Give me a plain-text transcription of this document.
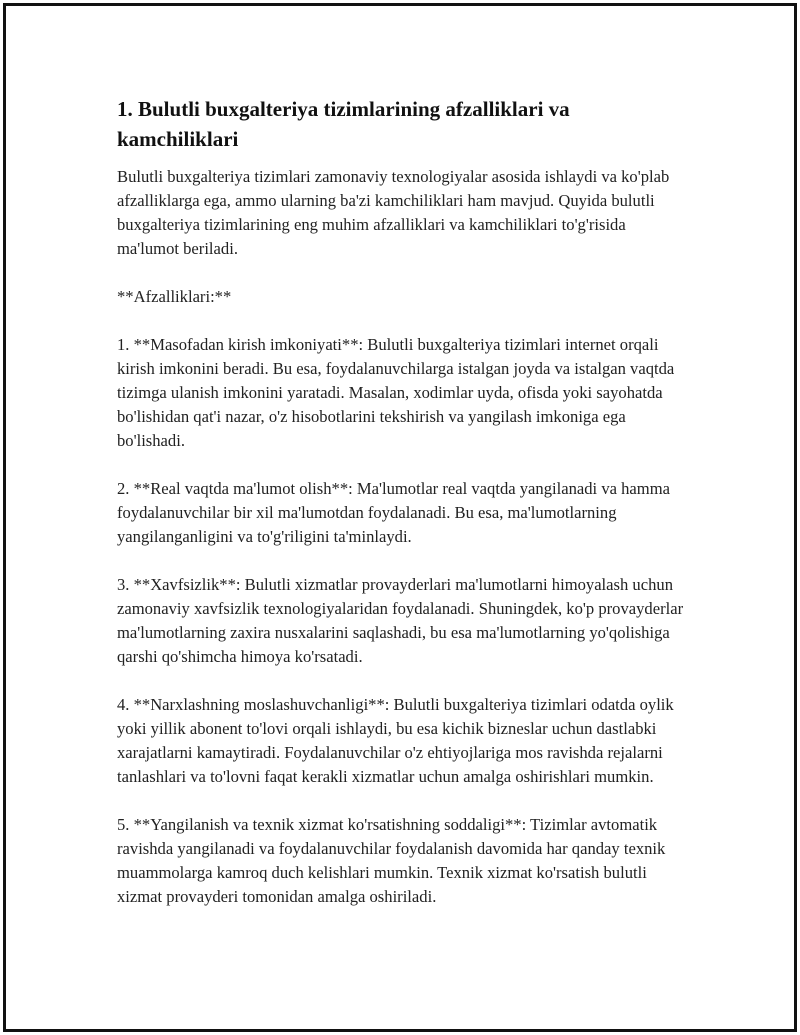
1. Bulutli buxgalteriya tizimlarining afzalliklari va kamchiliklari

Bulutli buxgalteriya tizimlari zamonaviy texnologiyalar asosida ishlaydi va ko'plab afzalliklarga ega, ammo ularning ba'zi kamchiliklari ham mavjud. Quyida bulutli buxgalteriya tizimlarining eng muhim afzalliklari va kamchiliklari to'g'risida ma'lumot beriladi.

**Afzalliklari:**

1. **Masofadan kirish imkoniyati**: Bulutli buxgalteriya tizimlari internet orqali kirish imkonini beradi. Bu esa, foydalanuvchilarga istalgan joyda va istalgan vaqtda tizimga ulanish imkonini yaratadi. Masalan, xodimlar uyda, ofisda yoki sayohatda bo'lishidan qat'i nazar, o'z hisobotlarini tekshirish va yangilash imkoniga ega bo'lishadi.

2. **Real vaqtda ma'lumot olish**: Ma'lumotlar real vaqtda yangilanadi va hamma foydalanuvchilar bir xil ma'lumotdan foydalanadi. Bu esa, ma'lumotlarning yangilanganligini va to'g'riligini ta'minlaydi.

3. **Xavfsizlik**: Bulutli xizmatlar provayderlari ma'lumotlarni himoyalash uchun zamonaviy xavfsizlik texnologiyalaridan foydalanadi. Shuningdek, ko'p provayderlar ma'lumotlarning zaxira nusxalarini saqlashadi, bu esa ma'lumotlarning yo'qolishiga qarshi qo'shimcha himoya ko'rsatadi.

4. **Narxlashning moslashuvchanligi**: Bulutli buxgalteriya tizimlari odatda oylik yoki yillik abonent to'lovi orqali ishlaydi, bu esa kichik bizneslar uchun dastlabki xarajatlarni kamaytiradi. Foydalanuvchilar o'z ehtiyojlariga mos ravishda rejalarni tanlashlari va to'lovni faqat kerakli xizmatlar uchun amalga oshirishlari mumkin.

5. **Yangilanish va texnik xizmat ko'rsatishning soddaligi**: Tizimlar avtomatik ravishda yangilanadi va foydalanuvchilar foydalanish davomida har qanday texnik muammolarga kamroq duch kelishlari mumkin. Texnik xizmat ko'rsatish bulutli xizmat provayderi tomonidan amalga oshiriladi.
